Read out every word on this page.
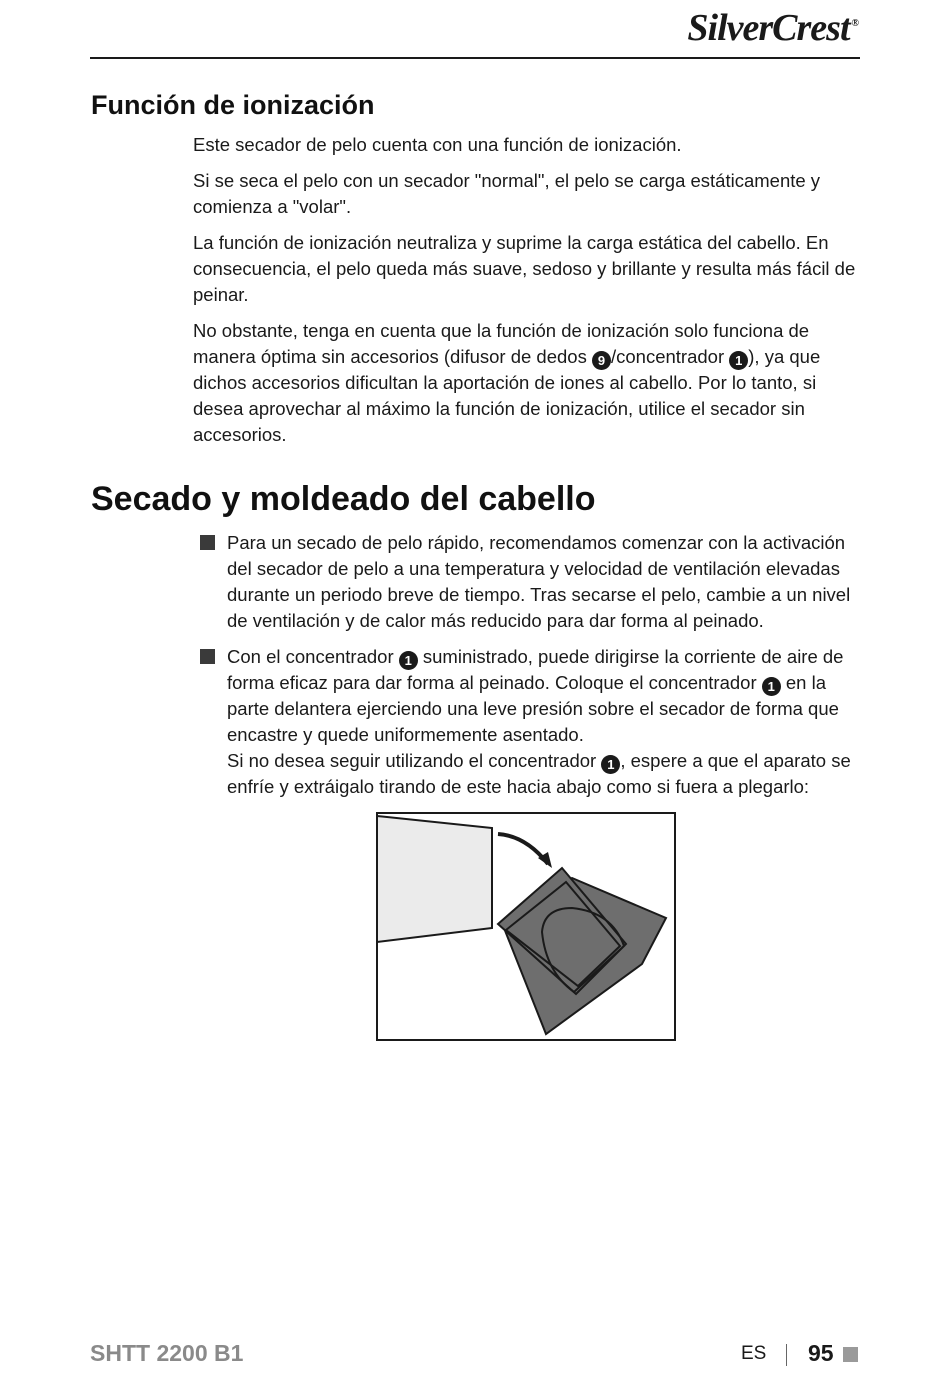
SilverCrest ®
Función de ionización

Este secador de pelo cuenta con una función de ionización.

Si se seca el pelo con un secador "normal", el pelo se carga estáticamente y comienza a "volar".

La función de ionización neutraliza y suprime la carga estática del cabello. En consecuencia, el pelo queda más suave, sedoso y brillante y resulta más fácil de peinar.

No obstante, tenga en cuenta que la función de ionización solo funciona de manera óptima sin accesorios (difusor de dedos 9 /concentrador 1 ), ya que dichos accesorios dificultan la aportación de iones al cabello. Por lo tanto, si desea aprovechar al máximo la función de ionización, utilice el secador sin accesorios.

Secado y moldeado del cabello

Para un secado de pelo rápido, recomendamos comenzar con la activación del secador de pelo a una temperatura y velocidad de ventilación elevadas durante un periodo breve de tiempo. Tras secarse el pelo, cambie a un nivel de ventilación y de calor más reducido para dar forma al peinado.

Con el concentrador 1 suministrado, puede dirigirse la corriente de aire de forma eficaz para dar forma al peinado. Coloque el concentrador 1 en la parte delantera ejerciendo una leve presión sobre el secador de forma que encastre y quede uniformemente asentado.
Si no desea seguir utilizando el concentrador 1 , espere a que el aparato se enfríe y extráigalo tirando de este hacia abajo como si fuera a plegarlo:

SHTT 2200 B1	ES 95
